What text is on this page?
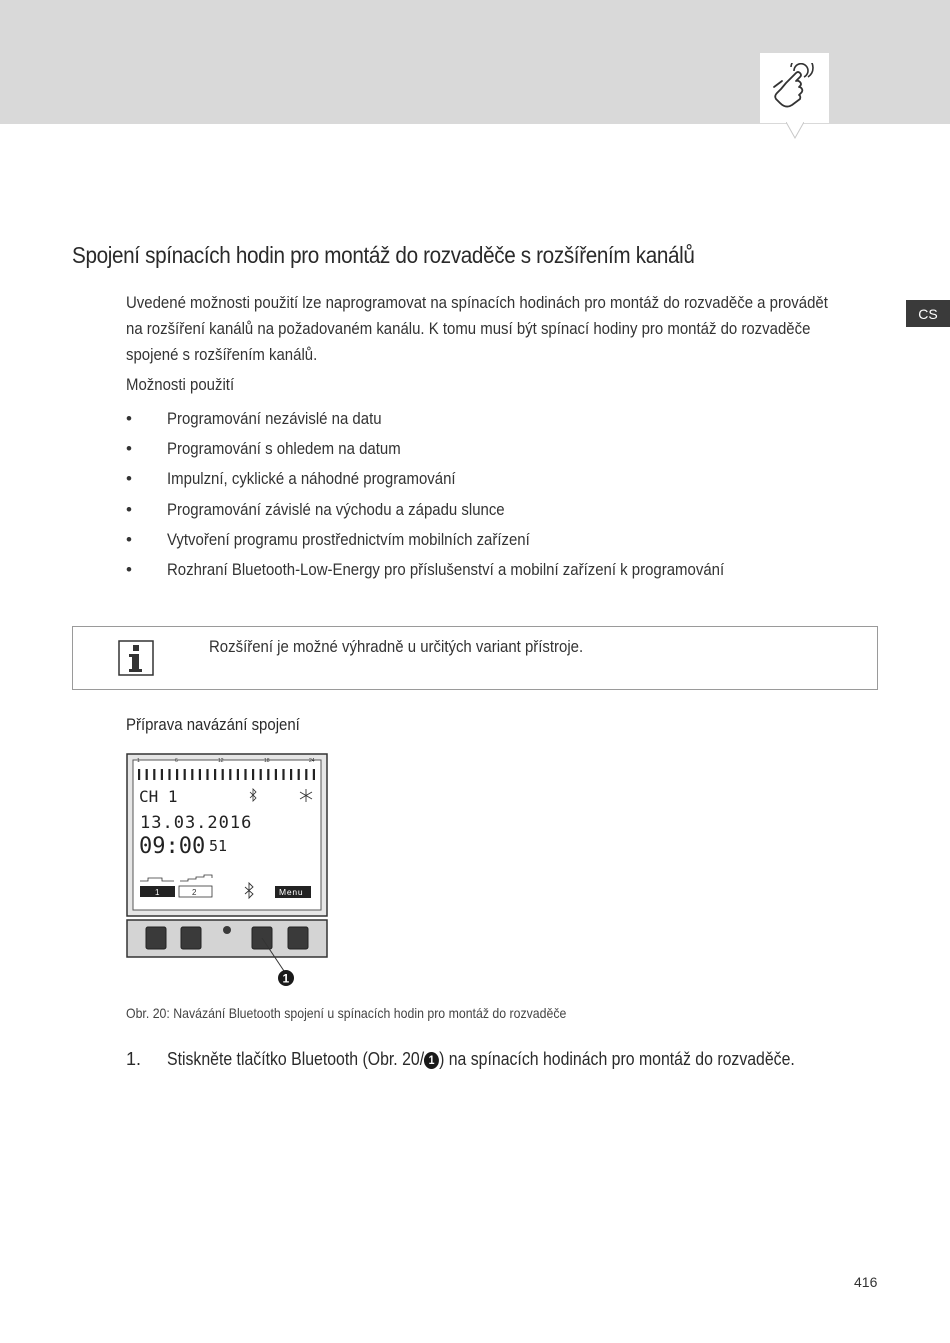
CS
Spojení spínacích hodin pro montáž do rozvaděče s rozšířením kanálů

Uvedené možnosti použití lze naprogramovat na spínacích hodinách pro montáž do rozvaděče a provádět
na rozšíření kanálů na požadovaném kanálu. K tomu musí být spínací hodiny pro montáž do rozvaděče
spojené s rozšířením kanálů.

Možnosti použití

• Programování nezávislé na datu
• Programování s ohledem na datum
• Impulzní, cyklické a náhodné programování
• Programování závislé na východu a západu slunce
• Vytvoření programu prostřednictvím mobilních zařízení
• Rozhraní Bluetooth-Low-Energy pro příslušenství a mobilní zařízení k programování
Rozšíření je možné výhradně u určitých variant přístroje.
Příprava navázání spojení
1	6	12	18	24
CH 1
13.03.2016
09:00 51
1	2	Menu
1
Obr. 20: Navázání Bluetooth spojení u spínacích hodin pro montáž do rozvaděče
1. Stiskněte tlačítko Bluetooth (Obr. 20/ 1 ) na spínacích hodinách pro montáž do rozvaděče.
416
